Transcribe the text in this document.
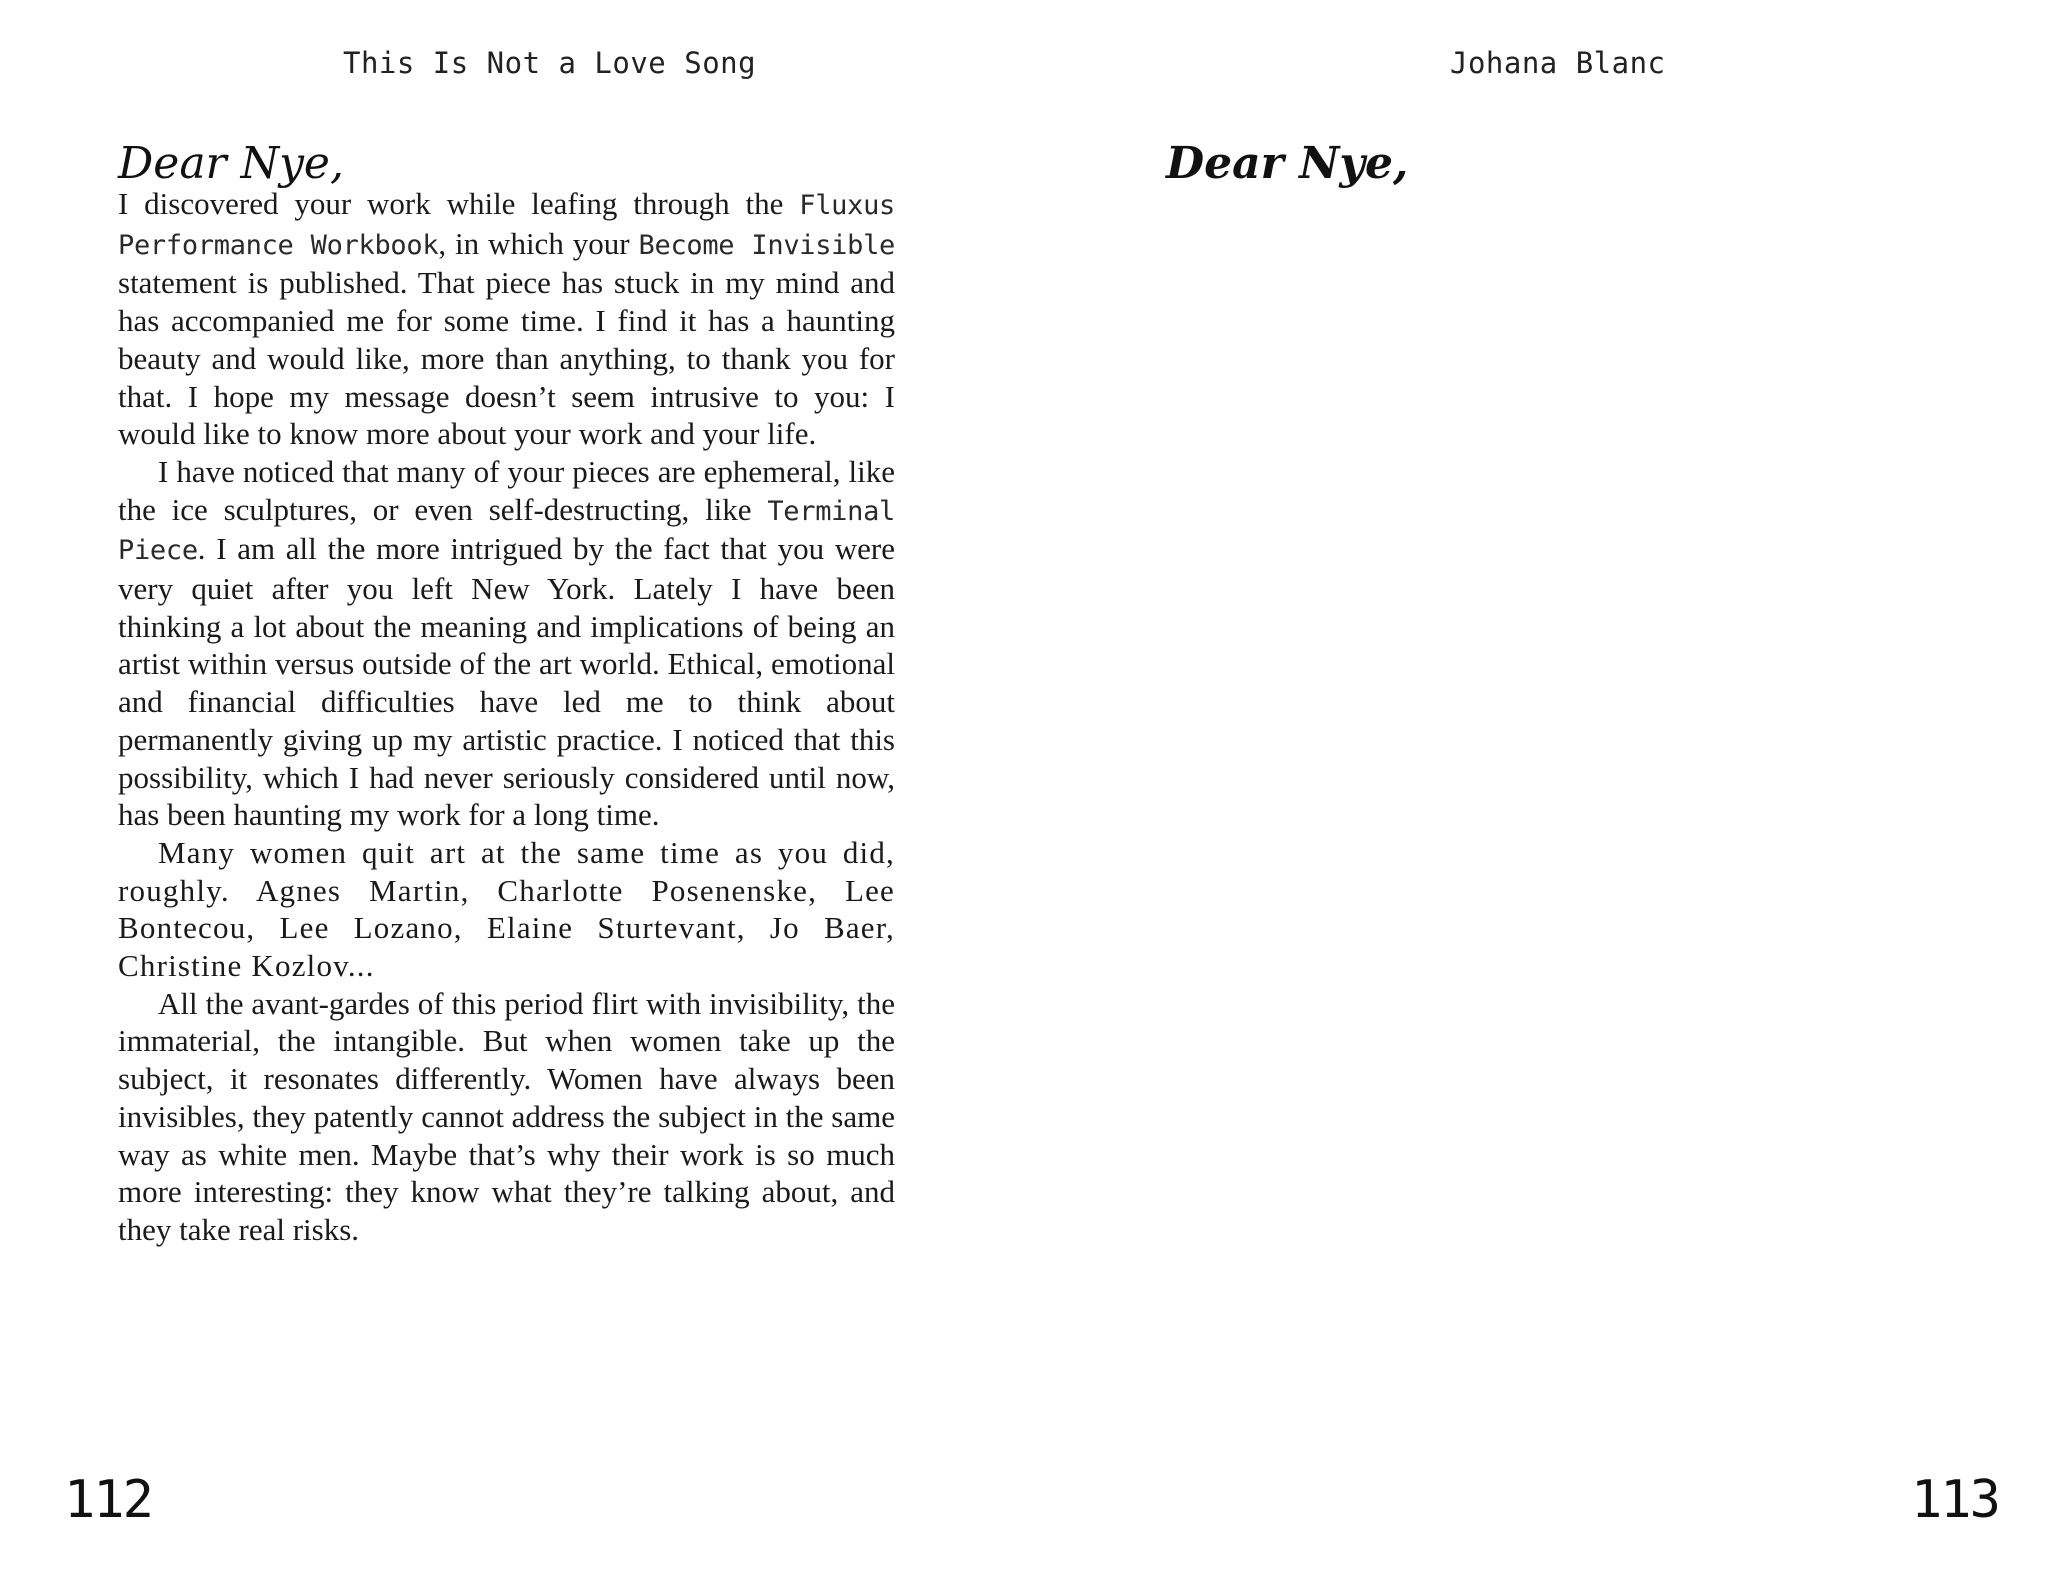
This Is Not a Love Song
Dear Nye,

I discovered your work while leafing through the Fluxus Performance Workbook, in which your Become Invisible statement is published. That piece has stuck in my mind and has accompanied me for some time. I find it has a haunting beauty and would like, more than anything, to thank you for that. I hope my message doesn’t seem intrusive to you: I would like to know more about your work and your life.

I have noticed that many of your pieces are ephemeral, like the ice sculptures, or even self-destructing, like Terminal Piece. I am all the more intrigued by the fact that you were very quiet after you left New York. Lately I have been thinking a lot about the meaning and implications of being an artist within versus outside of the art world. Ethical, emotional and financial difficulties have led me to think about permanently giving up my artistic practice. I noticed that this possibility, which I had never seriously considered until now, has been haunting my work for a long time.

Many women quit art at the same time as you did, roughly. Agnes Martin, Charlotte Posenenske, Lee Bontecou, Lee Lozano, Elaine Sturtevant, Jo Baer, Christine Kozlov...

All the avant-gardes of this period flirt with invisibility, the immaterial, the intangible. But when women take up the subject, it resonates differently. Women have always been invisibles, they patently cannot address the subject in the same way as white men. Maybe that’s why their work is so much more interesting: they know what they’re talking about, and they take real risks.

112
Johana Blanc
Dear Nye,
113
